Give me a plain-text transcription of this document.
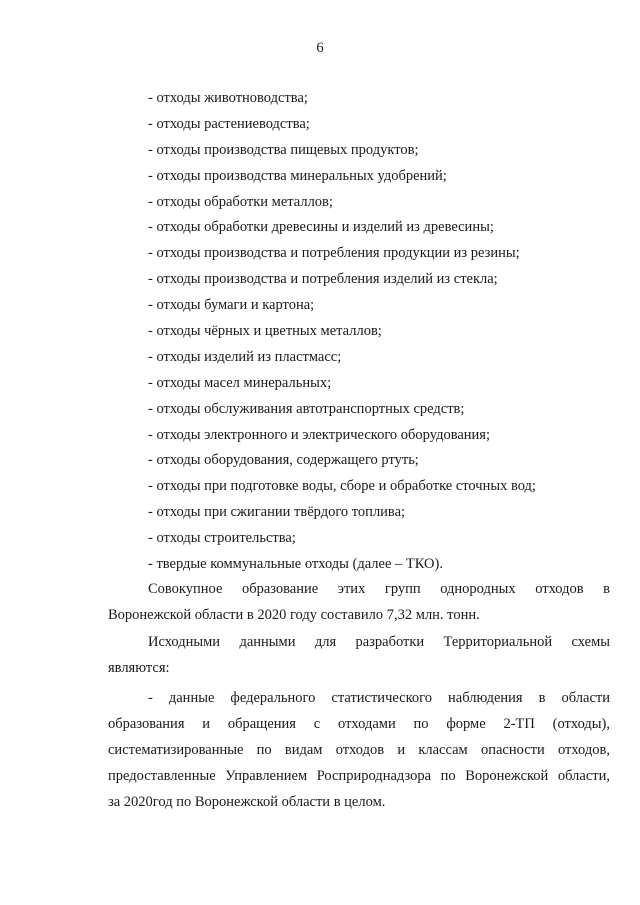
6
- отходы животноводства;
- отходы растениеводства;
- отходы производства пищевых продуктов;
- отходы производства минеральных удобрений;
- отходы обработки металлов;
- отходы обработки древесины и изделий из древесины;
- отходы производства и потребления продукции из резины;
- отходы производства и потребления изделий из стекла;
- отходы бумаги и картона;
- отходы чёрных и цветных металлов;
- отходы изделий из пластмасс;
- отходы масел минеральных;
- отходы обслуживания автотранспортных средств;
- отходы электронного и электрического оборудования;
- отходы оборудования, содержащего ртуть;
- отходы при подготовке воды, сборе и обработке сточных вод;
- отходы при сжигании твёрдого топлива;
- отходы строительства;
- твердые коммунальные отходы (далее – ТКО).
Совокупное образование этих групп однородных отходов в
Воронежской области в 2020 году составило 7,32 млн. тонн.
Исходными данными для разработки Территориальной схемы
являются:
- данные федерального статистического наблюдения в области
образования и обращения с отходами по форме 2-ТП (отходы),
систематизированные по видам отходов и классам опасности отходов,
предоставленные Управлением Росприроднадзора по Воронежской области,
за 2020год по Воронежской области в целом.
